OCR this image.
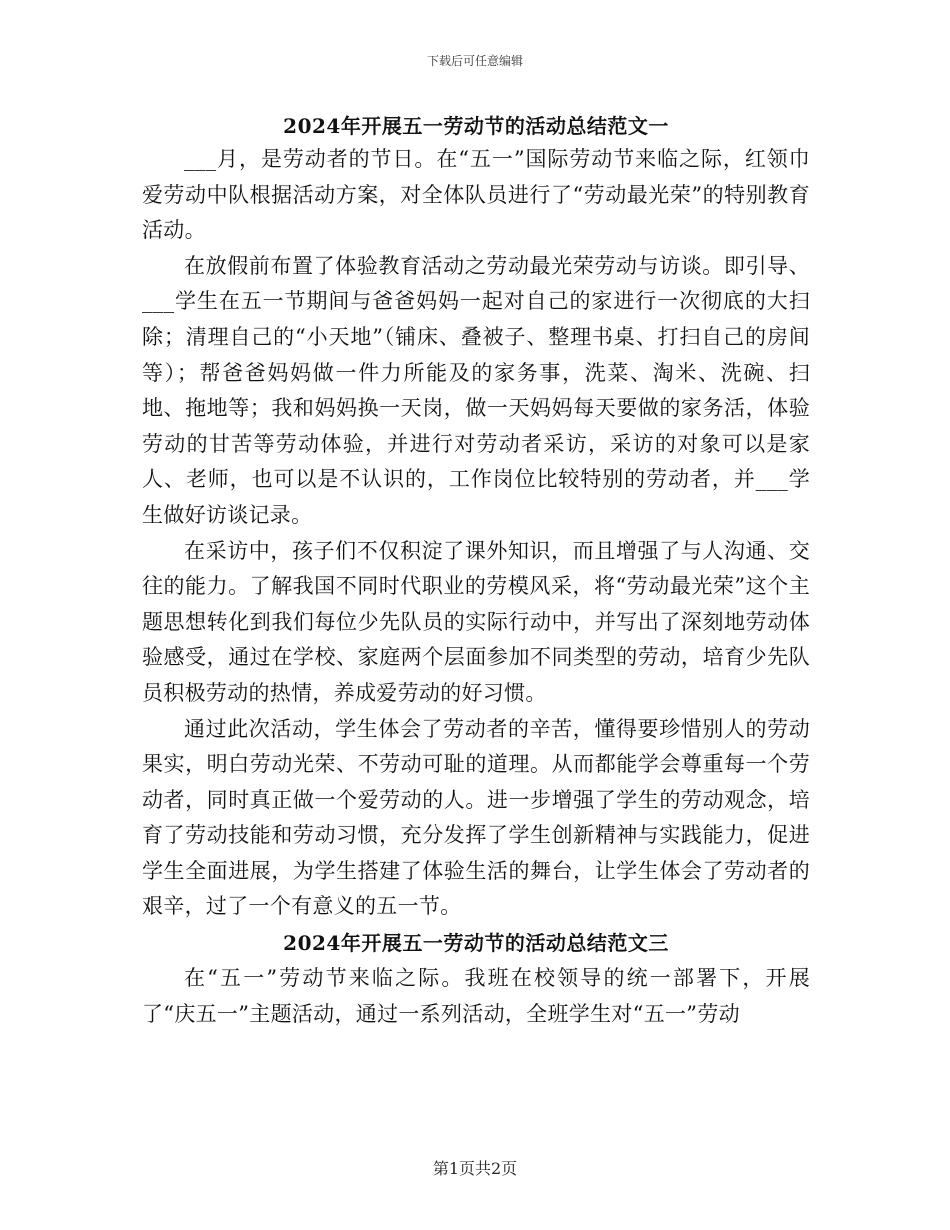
下载后可任意编辑
2024年开展五一劳动节的活动总结范文一

___月，是劳动者的节日。在“五一”国际劳动节来临之际，红领巾爱劳动中队根据活动方案，对全体队员进行了“劳动最光荣”的特别教育活动。

在放假前布置了体验教育活动之劳动最光荣劳动与访谈。即引导、___学生在五一节期间与爸爸妈妈一起对自己的家进行一次彻底的大扫除；清理自己的“小天地”（铺床、叠被子、整理书桌、打扫自己的房间等）；帮爸爸妈妈做一件力所能及的家务事，洗菜、淘米、洗碗、扫地、拖地等；我和妈妈换一天岗，做一天妈妈每天要做的家务活，体验劳动的甘苦等劳动体验，并进行对劳动者采访，采访的对象可以是家人、老师，也可以是不认识的，工作岗位比较特别的劳动者，并___学生做好访谈记录。

在采访中，孩子们不仅积淀了课外知识，而且增强了与人沟通、交往的能力。了解我国不同时代职业的劳模风采，将“劳动最光荣”这个主题思想转化到我们每位少先队员的实际行动中，并写出了深刻地劳动体验感受，通过在学校、家庭两个层面参加不同类型的劳动，培育少先队员积极劳动的热情，养成爱劳动的好习惯。

通过此次活动，学生体会了劳动者的辛苦，懂得要珍惜别人的劳动果实，明白劳动光荣、不劳动可耻的道理。从而都能学会尊重每一个劳动者，同时真正做一个爱劳动的人。进一步增强了学生的劳动观念，培育了劳动技能和劳动习惯，充分发挥了学生创新精神与实践能力，促进学生全面进展，为学生搭建了体验生活的舞台，让学生体会了劳动者的艰辛，过了一个有意义的五一节。

2024年开展五一劳动节的活动总结范文三

在“五一”劳动节来临之际。我班在校领导的统一部署下，开展了“庆五一”主题活动，通过一系列活动，全班学生对“五一”劳动

第1页共2页
